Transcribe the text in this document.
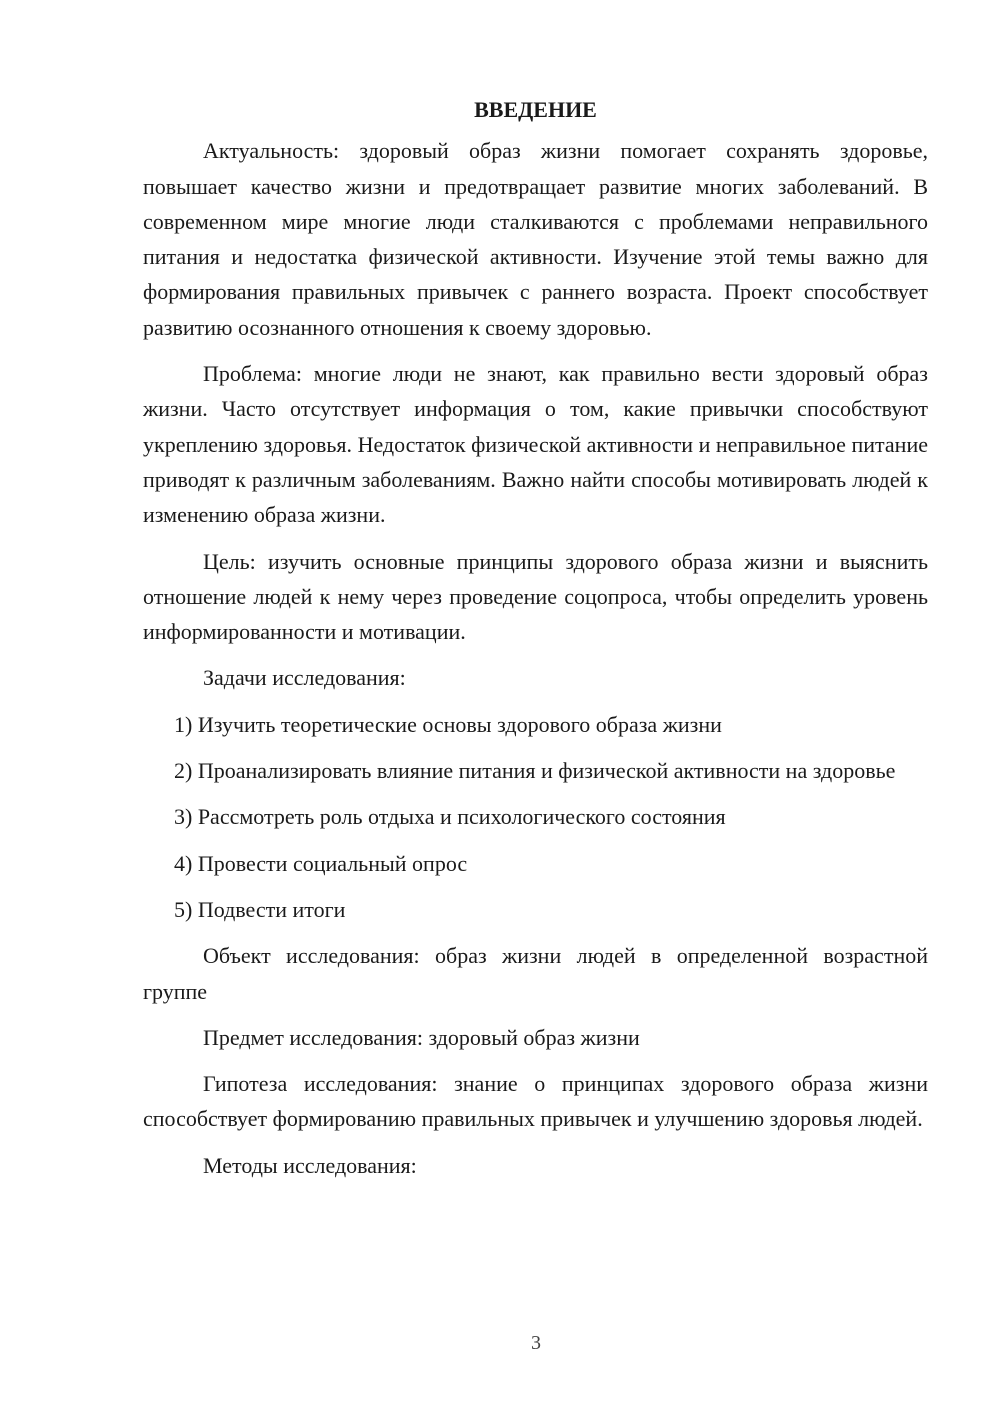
ВВЕДЕНИЕ
Актуальность: здоровый образ жизни помогает сохранять здоровье, повышает качество жизни и предотвращает развитие многих заболеваний. В современном мире многие люди сталкиваются с проблемами неправильного питания и недостатка физической активности. Изучение этой темы важно для формирования правильных привычек с раннего возраста. Проект способствует развитию осознанного отношения к своему здоровью.
Проблема: многие люди не знают, как правильно вести здоровый образ жизни. Часто отсутствует информация о том, какие привычки способствуют укреплению здоровья. Недостаток физической активности и неправильное питание приводят к различным заболеваниям. Важно найти способы мотивировать людей к изменению образа жизни.
Цель: изучить основные принципы здорового образа жизни и выяснить отношение людей к нему через проведение соцопроса, чтобы определить уровень информированности и мотивации.
Задачи исследования:
1) Изучить теоретические основы здорового образа жизни
2) Проанализировать влияние питания и физической активности на здоровье
3) Рассмотреть роль отдыха и психологического состояния
4) Провести социальный опрос
5) Подвести итоги
Объект исследования: образ жизни людей в определенной возрастной группе
Предмет исследования: здоровый образ жизни
Гипотеза исследования: знание о принципах здорового образа жизни способствует формированию правильных привычек и улучшению здоровья людей.
Методы исследования:
3
